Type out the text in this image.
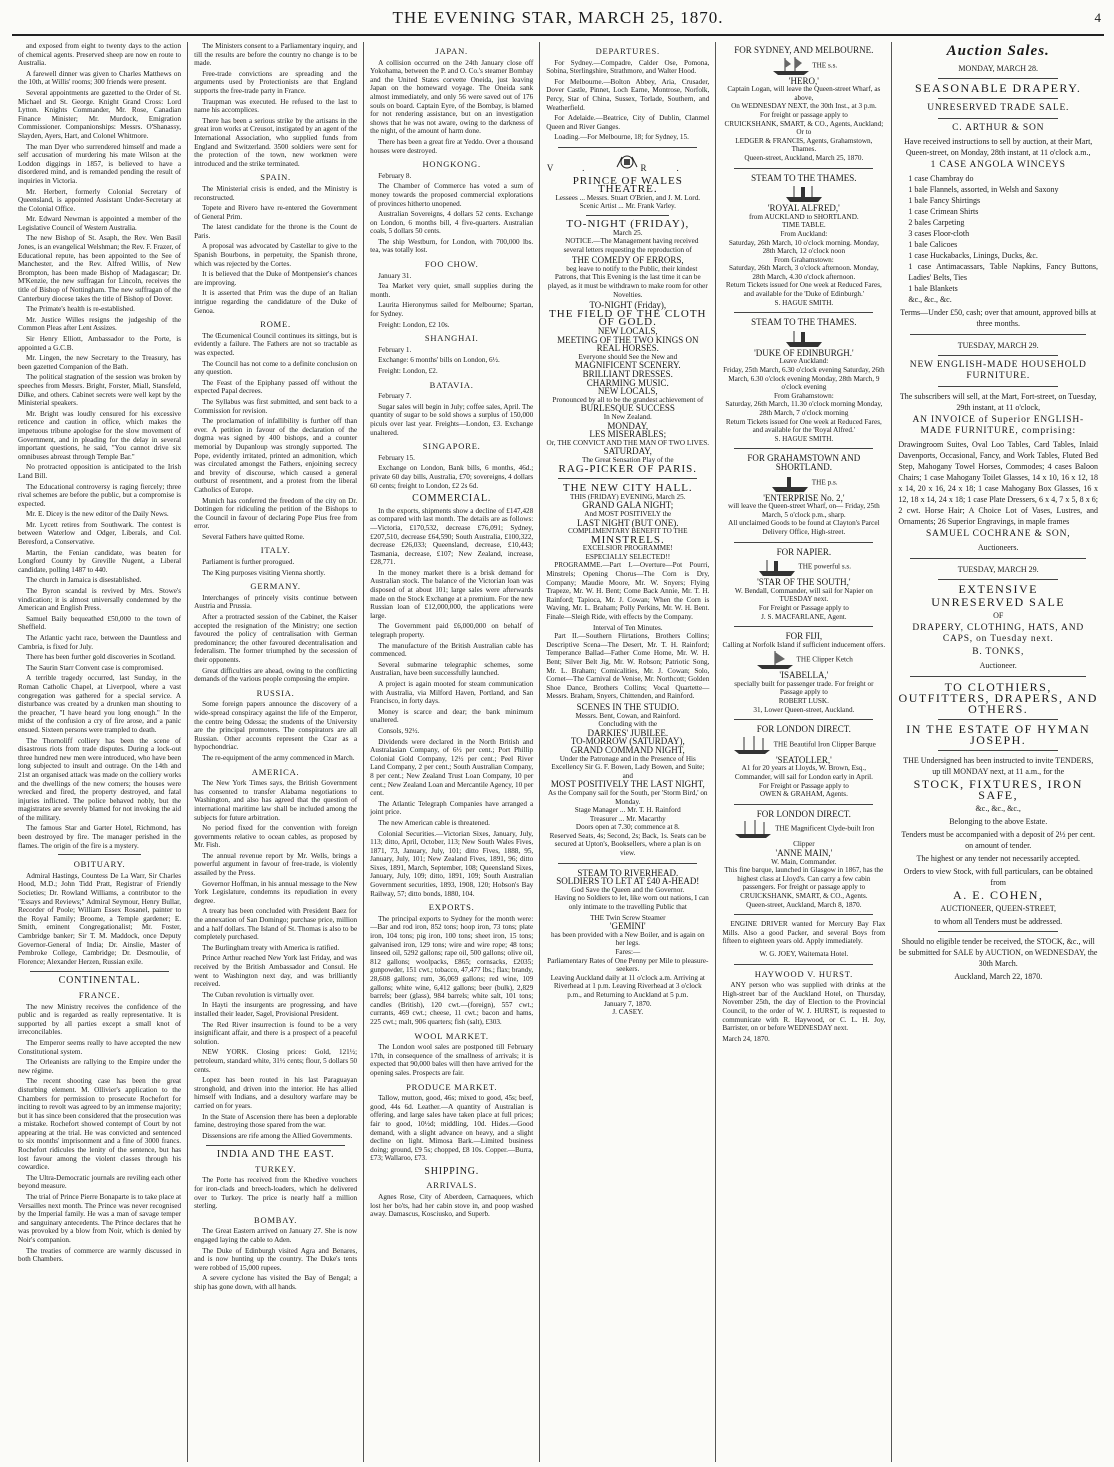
THE EVENING STAR, MARCH 25, 1870.	4

and exposed from eight to twenty days to the action of chemical agents. Preserved sheep are now en route to Australia.

A farewell dinner was given to Charles Matthews on the 10th, at Willis' rooms; 300 friends were present.

Several appointments are gazetted to the Order of St. Michael and St. George. Knight Grand Cross: Lord Lytton. Knights Commander, Mr. Rose, Canadian Finance Minister; Mr. Murdock, Emigration Commissioner. Companionships: Messrs. O'Shanassy, Slayden, Ayers, Hart, and Colonel Whitmore.

The man Dyer who surrendered himself and made a self accusation of murdering his mate Wilson at the Loddon diggings in 1857, is believed to have a disordered mind, and is remanded pending the result of inquiries in Victoria.

Mr. Herbert, formerly Colonial Secretary of Queensland, is appointed Assistant Under-Secretary at the Colonial Office.

Mr. Edward Newman is appointed a member of the Legislative Council of Western Australia.

The new Bishop of St. Asaph, the Rev. Wen Basil Jones, is an evangelical Welshman; the Rev. F. Frazer, of Educational repute, has been appointed to the See of Manchester, and the Rev. Alfred Willis, of New Brompton, has been made Bishop of Madagascar; Dr. M'Kenzie, the new suffragan for Lincoln, receives the title of Bishop of Nottingham. The new suffragan of the Canterbury diocese takes the title of Bishop of Dover.

The Primate's health is re-established.

Mr. Justice Willes resigns the judgeship of the Common Pleas after Lent Assizes.

Sir Henry Elliott, Ambassador to the Porte, is appointed a G.C.B.

Mr. Lingen, the new Secretary to the Treasury, has been gazetted Companion of the Bath.

The political stagnation of the session was broken by speeches from Messrs. Bright, Forster, Miall, Stansfeld, Dilke, and others. Cabinet secrets were well kept by the Ministerial speakers.

Mr. Bright was loudly censured for his excessive reticence and caution in office, which makes the impetuous tribune apologise for the slow movement of Government, and in pleading for the delay in several important questions, he said, "You cannot drive six omnibuses abreast through Temple Bar."

No protracted opposition is anticipated to the Irish Land Bill.

The Educational controversy is raging fiercely; three rival schemes are before the public, but a compromise is expected.

Mr. E. Dicey is the new editor of the Daily News.

Mr. Lycett retires from Southwark. The contest is between Waterlow and Odger, Liberals, and Col. Beresford, a Conservative.

Martin, the Fenian candidate, was beaten for Longford County by Greville Nugent, a Liberal candidate, polling 1487 to 440.

The church in Jamaica is disestablished.

The Byron scandal is revived by Mrs. Stowe's vindication; it is almost universally condemned by the American and English Press.

Samuel Baily bequeathed £50,000 to the town of Sheffield.

The Atlantic yacht race, between the Dauntless and Cambria, is fixed for July.

There has been further gold discoveries in Scotland.

The Saurin Starr Convent case is compromised.

A terrible tragedy occurred, last Sunday, in the Roman Catholic Chapel, at Liverpool, where a vast congregation was gathered for a special service. A disturbance was created by a drunken man shouting to the preacher, "I have heard you long enough." In the midst of the confusion a cry of fire arose, and a panic ensued. Sixteen persons were trampled to death.

The Thornoliff colliery has been the scene of disastrous riots from trade disputes. During a lock-out three hundred new men were introduced, who have been long subjected to insult and outrage. On the 14th and 21st an organised attack was made on the colliery works and the dwellings of the new comers; the houses were wrecked and fired, the property destroyed, and fatal injuries inflicted. The police behaved nobly, but the magistrates are severely blamed for not invoking the aid of the military.

The famous Star and Garter Hotel, Richmond, has been destroyed by fire. The manager perished in the flames. The origin of the fire is a mystery.

OBITUARY.

Admiral Hastings, Countess De La Warr, Sir Charles Hood, M.D.; John Tidd Pratt, Registrar of Friendly Societies; Dr. Rowland Williams, a contributor to the "Essays and Reviews;" Admiral Seymour, Henry Bullar, Recorder of Poole; William Essex Rosanel, painter to the Royal Family; Broome, a Temple gardener; E. Smith, eminent Congregationalist; Mr. Foster, Cambridge banker; Sir T. M. Maddock, once Deputy Governor-General of India; Dr. Ainslie, Master of Pembroke College, Cambridge; Dr. Desmoulie, of Florence; Alexander Herzen, Russian exile.

CONTINENTAL.
FRANCE.

The new Ministry receives the confidence of the public and is regarded as really representative. It is supported by all parties except a small knot of irreconcilables.

The Emperor seems really to have accepted the new Constitutional system.

The Orleanists are rallying to the Empire under the new régime.

The recent shooting case has been the great disturbing element. M. Ollivier's application to the Chambers for permission to prosecute Rochefort for inciting to revolt was agreed to by an immense majority; but it has since been considered that the prosecution was a mistake. Rochefort showed contempt of Court by not appearing at the trial. He was convicted and sentenced to six months' imprisonment and a fine of 3000 francs. Rochefort ridicules the lenity of the sentence, but has lost favour among the violent classes through his cowardice.

The Ultra-Democratic journals are reviling each other beyond measure.

The trial of Prince Pierre Bonaparte is to take place at Versailles next month. The Prince was never recognised by the Imperial family. He was a man of savage temper and sanguinary antecedents. The Prince declares that he was provoked by a blow from Noir, which is denied by Noir's companion.

The treaties of commerce are warmly discussed in both Chambers.

The Ministers consent to a Parliamentary inquiry, and till the results are before the country no change is to be made.

Free-trade convictions are spreading and the arguments used by Protectionists are that England supports the free-trade party in France.

Traupman was executed. He refused to the last to name his accomplices.

There has been a serious strike by the artisans in the great iron works at Creusot, instigated by an agent of the International Association, who supplied funds from England and Switzerland. 3500 soldiers were sent for the protection of the town, new workmen were introduced and the strike terminated.

SPAIN.

The Ministerial crisis is ended, and the Ministry is reconstructed.

Topete and Rivero have re-entered the Government of General Prim.

The latest candidate for the throne is the Count de Paris.

A proposal was advocated by Castellar to give to the Spanish Bourbons, in perpetuity, the Spanish throne, which was rejected by the Cortes.

It is believed that the Duke of Montpensier's chances are improving.

It is asserted that Prim was the dupe of an Italian intrigue regarding the candidature of the Duke of Genoa.

ROME.

The Œcumenical Council continues its sittings, but is evidently a failure. The Fathers are not so tractable as was expected.

The Council has not come to a definite conclusion on any question.

The Feast of the Epiphany passed off without the expected Papal decrees.

The Syllabus was first submitted, and sent back to a Commission for revision.

The proclamation of infallibility is further off than ever. A petition in favour of the declaration of the dogma was signed by 400 bishops, and a counter memorial by Dupanloup was strongly supported. The Pope, evidently irritated, printed an admonition, which was circulated amongst the Fathers, enjoining secrecy and brevity of discourse, which caused a general outburst of resentment, and a protest from the liberal Catholics of Europe.

Munich has conferred the freedom of the city on Dr. Dottingen for ridiculing the petition of the Bishops to the Council in favour of declaring Pope Pius free from error.

Several Fathers have quitted Rome.

ITALY.

Parliament is further prorogued.

The King purposes visiting Vienna shortly.

GERMANY.

Interchanges of princely visits continue between Austria and Prussia.

After a protracted session of the Cabinet, the Kaiser accepted the resignation of the Ministry; one section favoured the policy of centralisation with German predominance; the other favoured decentralisation and federalism. The former triumphed by the secession of their opponents.

Great difficulties are ahead, owing to the conflicting demands of the various people composing the empire.

RUSSIA.

Some foreign papers announce the discovery of a wide-spread conspiracy against the life of the Emperor, the centre being Odessa; the students of the University are the principal promoters. The conspirators are all Russian. Other accounts represent the Czar as a hypochondriac.

The re-equipment of the army commenced in March.

AMERICA.

The New York Times says, the British Government has consented to transfer Alabama negotiations to Washington, and also has agreed that the question of international maritime law shall be included among the subjects for future arbitration.

No period fixed for the convention with foreign governments relative to ocean cables, as proposed by Mr. Fish.

The annual revenue report by Mr. Wells, brings a powerful argument in favour of free-trade, is violently assailed by the Press.

Governor Hoffman, in his annual message to the New York Legislature, condemns its repudiation in every degree.

A treaty has been concluded with President Baez for the annexation of San Domingo; purchase price, million and a half dollars. The Island of St. Thomas is also to be completely purchased.

The Burlingham treaty with America is ratified.

Prince Arthur reached New York last Friday, and was received by the British Ambassador and Consul. He went to Washington next day, and was brilliantly received.

The Cuban revolution is virtually over.

In Hayti the insurgents are progressing, and have installed their leader, Sagel, Provisional President.

The Red River insurrection is found to be a very insignificant affair, and there is a prospect of a peaceful solution.

NEW YORK. Closing prices: Gold, 121½; petroleum, standard white, 31½ cents; flour, 5 dollars 50 cents.

Lopez has been routed in his last Paraguayan stronghold, and driven into the interior. He has allied himself with Indians, and a desultory warfare may be carried on for years.

In the State of Ascension there has been a deplorable famine, destroying those spared from the war.

Dissensions are rife among the Allied Governments.

INDIA AND THE EAST.
TURKEY.

The Porte has received from the Khedive vouchers for iron-clads and breech-loaders, which he delivered over to Turkey. The price is nearly half a million sterling.

BOMBAY.

The Great Eastern arrived on January 27. She is now engaged laying the cable to Aden.

The Duke of Edinburgh visited Agra and Benares, and is now hunting up the country. The Duke's tents were robbed of 15,000 rupees.

A severe cyclone has visited the Bay of Bengal; a ship has gone down, with all hands.

JAPAN.

A collision occurred on the 24th January close off Yokohama, between the P. and O. Co.'s steamer Bombay and the United States corvette Oneida, just leaving Japan on the homeward voyage. The Oneida sank almost immediately, and only 56 were saved out of 176 souls on board. Captain Eyre, of the Bombay, is blamed for not rendering assistance, but on an investigation shows that he was not aware, owing to the darkness of the night, of the amount of harm done.

There has been a great fire at Yeddo. Over a thousand houses were destroyed.

HONGKONG.

February 8.

The Chamber of Commerce has voted a sum of money towards the proposed commercial explorations of provinces hitherto unopened.

Australian Sovereigns, 4 dollars 52 cents. Exchange on London, 6 months bill, 4 five-quarters. Australian coals, 5 dollars 50 cents.

The ship Westburn, for London, with 700,000 lbs. tea, was totally lost.

FOO CHOW.

January 31.

Tea Market very quiet, small supplies during the month.

Laurita Hieronymus sailed for Melbourne; Spartan, for Sydney.

Freight: London, £2 10s.

SHANGHAI.

February 1.

Exchange: 6 months' bills on London, 6½.

Freight: London, £2.

BATAVIA.

February 7.

Sugar sales will begin in July; coffee sales, April. The quantity of sugar to be sold shows a surplus of 150,000 piculs over last year. Freights—London, £3. Exchange unaltered.

SINGAPORE.

February 15.

Exchange on London, Bank bills, 6 months, 46d.; private 60 day bills, Australia, £70; sovereigns, 4 dollars 60 cents; freight to London, £2 2s 6d.

COMMERCIAL.

In the exports, shipments show a decline of £147,428 as compared with last month. The details are as follows:—Victoria, £170,532, decrease £76,091; Sydney, £207,510, decrease £64,590; South Australia, £100,322, decrease £26,033; Queensland, decrease, £10,443; Tasmania, decrease, £107; New Zealand, increase, £28,771.

In the money market there is a brisk demand for Australian stock. The balance of the Victorian loan was disposed of at about 101; large sales were afterwards made on the Stock Exchange at a premium. For the new Russian loan of £12,000,000, the applications were large.

The Government paid £6,000,000 on behalf of telegraph property.

The manufacture of the British Australian cable has commenced.

Several submarine telegraphic schemes, some Australian, have been successfully launched.

A project is again mooted for steam communication with Australia, via Milford Haven, Portland, and San Francisco, in forty days.

Money is scarce and dear; the bank minimum unaltered.

Consols, 92½.

Dividends were declared in the North British and Australasian Company, of 6½ per cent.; Port Phillip Colonial Gold Company, 12½ per cent.; Peel River Land Company, 2 per cent.; South Australian Company, 8 per cent.; New Zealand Trust Loan Company, 10 per cent.; New Zealand Loan and Mercantile Agency, 10 per cent.

The Atlantic Telegraph Companies have arranged a joint price.

The new American cable is threatened.

Colonial Securities.—Victorian Sixes, January, July, 113; ditto, April, October, 113; New South Wales Fives, 1871, 73, January, July, 101; ditto Fives, 1888, 95, January, July, 101; New Zealand Fives, 1891, 96; ditto Sixes, 1891, March, September, 108; Queensland Sixes, January, July, 109; ditto, 1891, 109; South Australian Government securities, 1893, 1908, 120; Hobson's Bay Railway, 57; ditto bonds, 1880, 104.

EXPORTS.

The principal exports to Sydney for the month were:—Bar and rod iron, 852 tons; hoop iron, 73 tons; plate iron, 104 tons; pig iron, 100 tons; sheet iron, 15 tons; galvanised iron, 129 tons; wire and wire rope; 48 tons; linseed oil, 5292 gallons; rape oil, 500 gallons; olive oil, 812 gallons; woolpacks, £865; cornsacks, £2035; gunpowder, 151 cwt.; tobacco, 47,477 lbs.; flax; brandy, 28,608 gallons; rum, 36,069 gallons; red wine, 109 gallons; white wine, 6,412 gallons; beer (bulk), 2,829 barrels; beer (glass), 984 barrels; white salt, 101 tons; candles (British), 120 cwt.—(foreign), 557 cwt.; currants, 469 cwt.; cheese, 11 cwt.; bacon and hams, 225 cwt.; malt, 906 quarters; fish (salt), £303.

WOOL MARKET.

The London wool sales are postponed till February 17th, in consequence of the smallness of arrivals; it is expected that 90,000 bales will then have arrived for the opening sales. Prospects are fair.

PRODUCE MARKET.

Tallow, mutton, good, 46s; mixed to good, 45s; beef, good, 44s 6d. Leather.—A quantity of Australian is offering, and large sales have taken place at full prices; fair to good, 10½d; middling, 10d. Hides.—Good demand, with a slight advance on heavy, and a slight decline on light. Mimosa Bark.—Limited business doing; ground, £9 5s; chopped, £8 10s. Copper.—Burra, £73; Wallaroo, £73.

SHIPPING.
ARRIVALS.

Agnes Rose, City of Aberdeen, Carnaquees, which lost her bo'ts, had her cabin stove in, and poop washed away. Damascus, Kosciusko, and Superb.

DEPARTURES.

For Sydney.—Compadre, Calder Ose, Pomona, Sobina, Sterlingshire, Strathmore, and Walter Hood.

For Melbourne.—Bolton Abbey, Aria, Crusader, Dover Castle, Pinnet, Loch Earne, Montrose, Norfolk, Percy, Star of China, Sussex, Torlade, Southern, and Weatherfield.

For Adelaide.—Beatrice, City of Dublin, Clanmel Queen and River Ganges.

Loading.—For Melbourne, 18; for Sydney, 15.

V.	R.
PRINCE OF WALES THEATRE.
Lessees ... Messrs. Stuart O'Brien, and J. M. Lord.
Scenic Artist ... Mr. Frank Varley.
TO-NIGHT (FRIDAY),
March 25.

NOTICE.—The Management having received several letters requesting the reproduction of

THE COMEDY OF ERRORS,

beg leave to notify to the Public, their kindest Patrons, that This Evening is the last time it can be played, as it must be withdrawn to make room for other Novelties.

TO-NIGHT (Friday),
THE FIELD OF THE CLOTH OF GOLD.
NEW LOCALS,
MEETING OF THE TWO KINGS ON REAL HORSES.
Everyone should See the New and
MAGNIFICENT SCENERY.
BRILLIANT DRESSES.
CHARMING MUSIC.
NEW LOCALS,
Pronounced by all to be the grandest achievement of
BURLESQUE SUCCESS
In New Zealand.
MONDAY,
LES MISERABLES;
Or, THE CONVICT AND THE MAN OF TWO LIVES.
SATURDAY,
The Great Sensation Play of the
RAG-PICKER OF PARIS.
THE NEW CITY HALL.
THIS (FRIDAY) EVENING, March 25.
GRAND GALA NIGHT;
And MOST POSITIVELY the
LAST NIGHT (BUT ONE).
COMPLIMENTARY BENEFIT TO THE
MINSTRELS.
EXCELSIOR PROGRAMME!
ESPECIALLY SELECTED!!

PROGRAMME.—Part I.—Overture—Pot Pourri, Minstrels; Opening Chorus—The Corn is Dry, Company; Maudie Moore, Mr. W. Snyers; Flying Trapeze, Mr. W. H. Bent; Come Back Annie, Mr. T. H. Rainford; Tapioca, Mr. J. Cowan; When the Corn is Waving, Mr. L. Braham; Polly Perkins, Mr. W. H. Bent. Finale—Sleigh Ride, with effects by the Company.

Interval of Ten Minutes.

Part II.—Southern Flirtations, Brothers Collins; Descriptive Scena—The Desert, Mr. T. H. Rainford; Temperance Ballad—Father Come Home, Mr. W. H. Bent; Silver Belt Jig, Mr. W. Robson; Patriotic Song, Mr. L. Braham; Comicalities, Mr. J. Cowan; Solo, Cornet—The Carnival de Venise, Mr. Northcott; Golden Shoe Dance, Brothers Collins; Vocal Quartette—Messrs. Braham, Snyers, Chittenden, and Rainford.

SCENES IN THE STUDIO.
Messrs. Bent, Cowan, and Rainford.
Concluding with the
DARKIES' JUBILEE.
TO-MORROW (SATURDAY),
GRAND COMMAND NIGHT,
Under the Patronage and in the Presence of His Excellency Sir G. F. Bowen, Lady Bowen, and Suite; and
MOST POSITIVELY THE LAST NIGHT,
As the Company sail for the South, per 'Storm Bird,' on Monday.
Stage Manager ... Mr. T. H. Rainford
Treasurer ... Mr. Macarthy
Doors open at 7.30; commence at 8.
Reserved Seats, 4s; Second, 2s; Back, 1s. Seats can be secured at Upton's, Booksellers, where a plan is on view.
STEAM TO RIVERHEAD.
SOLDIERS TO LET AT £40 A-HEAD!
God Save the Queen and the Governor.

Having no Soldiers to let, like worn out nations, I can only intimate to the travelling Public that

THE Twin Screw Steamer
'GEMINI'
has been provided with a New Boiler, and is again on her legs.
Fares:—
Parliamentary Rates of One Penny per Mile to pleasure-seekers.
Leaving Auckland daily at 11 o'clock a.m. Arriving at Riverhead at 1 p.m. Leaving Riverhead at 3 o'clock p.m., and Returning to Auckland at 5 p.m.
January 7, 1870.
J. CASEY.
FOR SYDNEY, AND MELBOURNE.
THE s.s.
'HERO,'
Captain Logan, will leave the Queen-street Wharf, as above,
On WEDNESDAY NEXT, the 30th Inst., at 3 p.m.
For freight or passage apply to
CRUICKSHANK, SMART, & CO., Agents, Auckland;
Or to
LEDGER & FRANCIS, Agents, Grahamstown, Thames.
Queen-street, Auckland, March 25, 1870.
STEAM TO THE THAMES.
'ROYAL ALFRED,'
from AUCKLAND to SHORTLAND.
TIME TABLE.
From Auckland:
Saturday, 26th March, 10 o'clock morning. Monday, 28th March, 12 o'clock noon
From Grahamstown:
Saturday, 26th March, 3 o'clock afternoon. Monday, 28th March, 4.30 o'clock afternoon.
Return Tickets issued for One week at Reduced Fares, and available for the 'Duke of Edinburgh.'
S. HAGUE SMITH.
STEAM TO THE THAMES.
'DUKE OF EDINBURGH.'
Leave Auckland:
Friday, 25th March, 6.30 o'clock evening Saturday, 26th March, 6.30 o'clock evening Monday, 28th March, 9 o'clock evening
From Grahamstown:
Saturday, 26th March, 11.30 o'clock morning Monday, 28th March, 7 o'clock morning
Return Tickets issued for One week at Reduced Fares, and available for the 'Royal Alfred.'
S. HAGUE SMITH.
FOR GRAHAMSTOWN AND SHORTLAND.
THE p.s.
'ENTERPRISE No. 2,'
will leave the Queen-street Wharf, on— Friday, 25th March, 5 o'clock p.m., sharp.
All unclaimed Goods to be found at Clayton's Parcel Delivery Office, High-street.
FOR NAPIER.
THE powerful s.s.
'STAR OF THE SOUTH,'
W. Bendall, Commander, will sail for Napier on TUESDAY next.
For Freight or Passage apply to
J. S. MACFARLANE, Agent.
FOR FIJI,
Calling at Norfolk Island if sufficient inducement offers.
THE Clipper Ketch
'ISABELLA,'
specially built for passenger trade. For freight or Passage apply to
ROBERT LUSK.
31, Lower Queen-street, Auckland.
FOR LONDON DIRECT.
THE Beautiful Iron Clipper Barque
'SEATOLLER,'
A1 for 20 years at Lloyds, W. Brown, Esq., Commander, will sail for London early in April.
For Freight or Passage apply to
OWEN & GRAHAM, Agents.
FOR LONDON DIRECT.
THE Magnificent Clyde-built Iron Clipper
'ANNE MAIN,'
W. Main, Commander.
This fine barque, launched in Glasgow in 1867, has the highest class at Lloyd's. Can carry a few cabin passengers. For freight or passage apply to
CRUICKSHANK, SMART, & CO., Agents.
Queen-street, Auckland, March 8, 1870.

ENGINE DRIVER wanted for Mercury Bay Flax Mills. Also a good Packer, and several Boys from fifteen to eighteen years old. Apply immediately.

W. G. JOEY, Waitemata Hotel.
HAYWOOD V. HURST.

ANY person who was supplied with drinks at the High-street bar of the Auckland Hotel, on Thursday, November 25th, the day of Election to the Provincial Council, to the order of W. J. HURST, is requested to communicate with R. Haywood, or C. L. H. Joy, Barrister, on or before WEDNESDAY next.

March 24, 1870.
Auction Sales.

MONDAY, MARCH 28.

SEASONABLE DRAPERY.

UNRESERVED TRADE SALE.

C. ARTHUR & SON

Have received instructions to sell by auction, at their Mart, Queen-street, on Monday, 28th instant, at 11 o'clock a.m.,

1 CASE ANGOLA WINCEYS

1 case Chambray do
1 bale Flannels, assorted, in Welsh and Saxony
1 bale Fancy Shirtings
1 case Crimean Shirts
2 bales Carpeting
3 cases Floor-cloth
1 bale Calicoes
1 case Huckabacks, Linings, Ducks, &c.
1 case Antimacassars, Table Napkins, Fancy Buttons, Ladies' Belts, Ties
1 bale Blankets
&c., &c., &c.

Terms—Under £50, cash; over that amount, approved bills at three months.

TUESDAY, MARCH 29.

NEW ENGLISH-MADE HOUSEHOLD FURNITURE.

The subscribers will sell, at the Mart, Fort-street, on Tuesday, 29th instant, at 11 o'clock,

AN INVOICE of Superior ENGLISH-MADE FURNITURE, comprising:

Drawingroom Suites, Oval Loo Tables, Card Tables, Inlaid Davenports, Occasional, Fancy, and Work Tables, Fluted Bed Step, Mahogany Towel Horses, Commodes; 4 cases Baloon Chairs; 1 case Mahogany Toilet Glasses, 14 x 10, 16 x 12, 18 x 14, 20 x 16, 24 x 18; 1 case Mahogany Box Glasses, 16 x 12, 18 x 14, 24 x 18; 1 case Plate Dressers, 6 x 4, 7 x 5, 8 x 6; 2 cwt. Horse Hair; A Choice Lot of Vases, Lustres, and Ornaments; 26 Superior Engravings, in maple frames

SAMUEL COCHRANE & SON,

Auctioneers.

TUESDAY, MARCH 29.

EXTENSIVE

UNRESERVED SALE

OF

DRAPERY, CLOTHING, HATS, AND CAPS, on Tuesday next.

B. TONKS,

Auctioneer.

TO CLOTHIERS, OUTFITTERS, DRAPERS, AND OTHERS.

IN THE ESTATE OF HYMAN JOSEPH.

THE Undersigned has been instructed to invite TENDERS, up till MONDAY next, at 11 a.m., for the

STOCK, FIXTURES, IRON SAFE,

&c., &c., &c.,

Belonging to the above Estate.

Tenders must be accompanied with a deposit of 2½ per cent. on amount of tender.

The highest or any tender not necessarily accepted.

Orders to view Stock, with full particulars, can be obtained from

A. E. COHEN,

AUCTIONEER, QUEEN-STREET,

to whom all Tenders must be addressed.

Should no eligible tender be received, the STOCK, &c., will be submitted for SALE by AUCTION, on WEDNESDAY, the 30th March.

Auckland, March 22, 1870.
